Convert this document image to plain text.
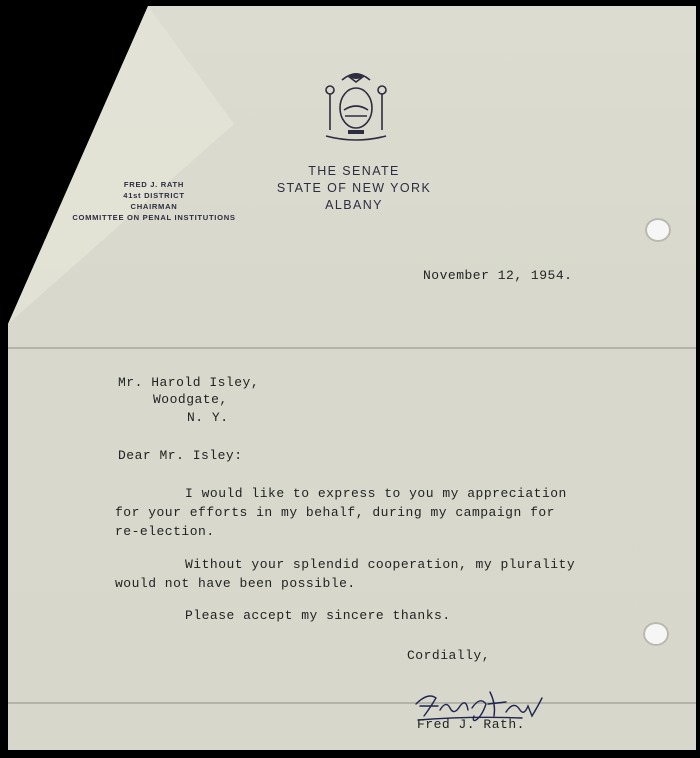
THE SENATE
STATE OF NEW YORK
ALBANY
FRED J. RATH
41st DISTRICT
CHAIRMAN
COMMITTEE ON PENAL INSTITUTIONS

November 12, 1954.

Mr. Harold Isley,

Woodgate,

N. Y.

Dear Mr. Isley:

I would like to express to you my appreciation
for your efforts in my behalf, during my campaign for
re-election.
Without your splendid cooperation, my plurality
would not have been possible.

Please accept my sincere thanks.

Cordially,

Fred J. Rath.
